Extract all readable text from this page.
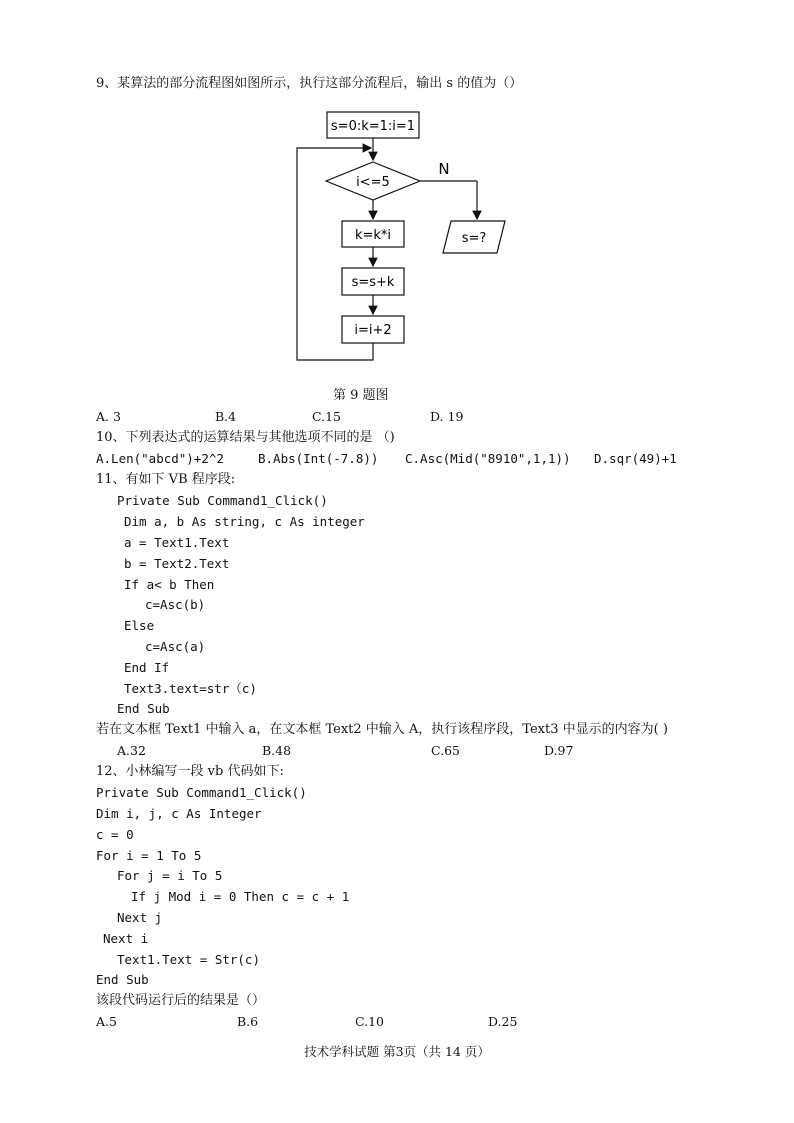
9、某算法的部分流程图如图所示，执行这部分流程后，输出 s 的值为（）
s=0:k=1:i=1
i<=5
N
s=?
k=k*i
s=s+k
i=i+2
第 9 题图
A. 3	B.4	C.15	D. 19
10、下列表达式的运算结果与其他选项不同的是 （)
A.Len("abcd")+2^2	B.Abs(Int(-7.8)) C.Asc(Mid("8910",1,1)) D.sqr(49)+1
11、有如下 VB 程序段:
Private Sub Command1_Click()
Dim a, b As string, c As integer
a = Text1.Text
b = Text2.Text
If a< b Then
c=Asc(b)
Else
c=Asc(a)
End If
Text3.text=str（c)
End Sub
若在文本框 Text1 中输入 a，在文本框 Text2 中输入 A，执行该程序段，Text3 中显示的内容为( )
A.32	B.48	C.65	D.97
12、小林编写一段 vb 代码如下:
Private Sub Command1_Click()
Dim i, j, c As Integer
c = 0
For i = 1 To 5
For j = i To 5
If j Mod i = 0 Then c = c + 1
Next j
Next i
Text1.Text = Str(c)
End Sub
该段代码运行后的结果是（）
A.5	B.6	C.10	D.25
技术学科试题 第3页（共 14 页）
